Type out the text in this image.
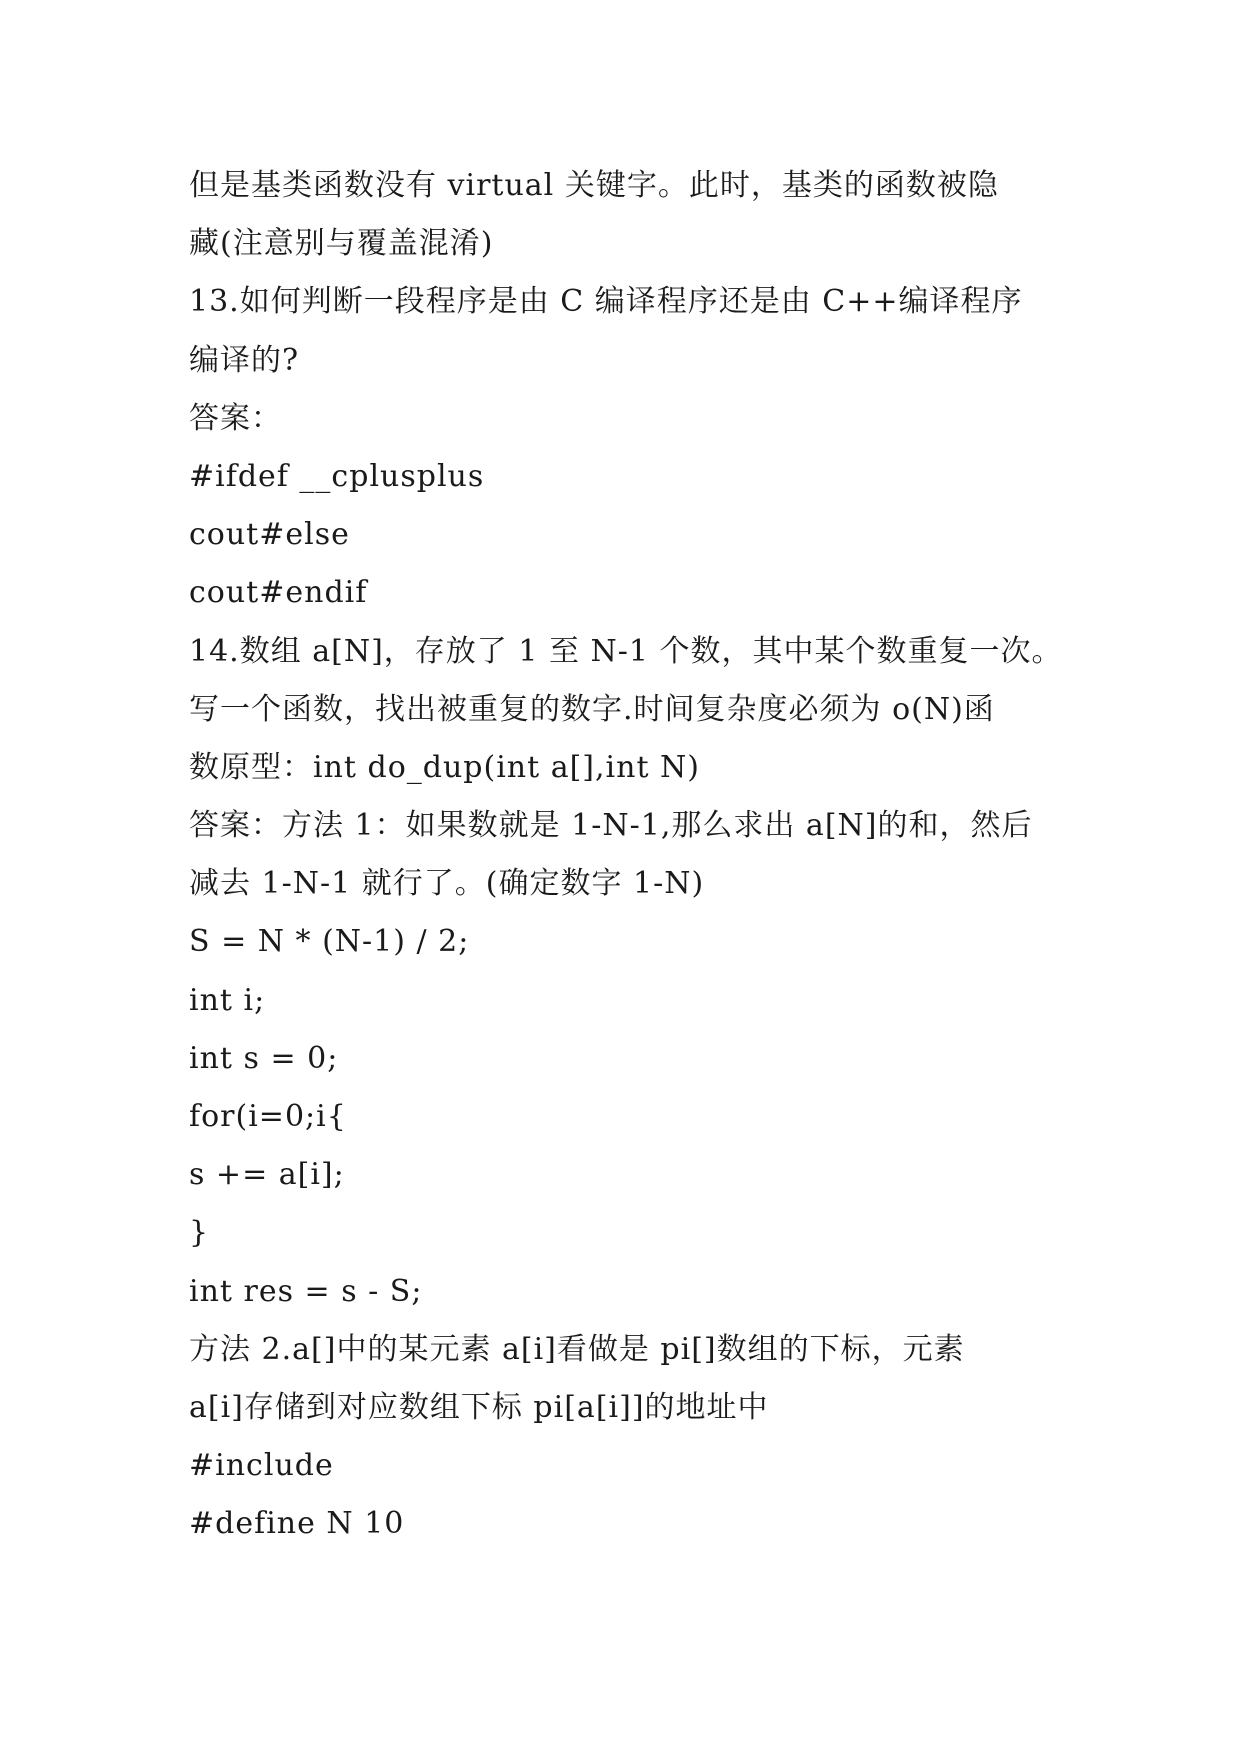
但是基类函数没有 virtual 关键字。此时，基类的函数被隐
藏(注意别与覆盖混淆)
13.如何判断一段程序是由 C 编译程序还是由 C++编译程序
编译的?
答案：
#ifdef __cplusplus
cout#else
cout#endif
14.数组 a[N]，存放了 1 至 N-1 个数，其中某个数重复一次。
写一个函数，找出被重复的数字.时间复杂度必须为 o(N)函
数原型：int do_dup(int a[],int N)
答案：方法 1：如果数就是 1-N-1,那么求出 a[N]的和，然后
减去 1-N-1 就行了。(确定数字 1-N)
S = N * (N-1) / 2;
int i;
int s = 0;
for(i=0;i{
s += a[i];
}
int res = s - S;
方法 2.a[]中的某元素 a[i]看做是 pi[]数组的下标，元素
a[i]存储到对应数组下标 pi[a[i]]的地址中
#include
#define N 10
